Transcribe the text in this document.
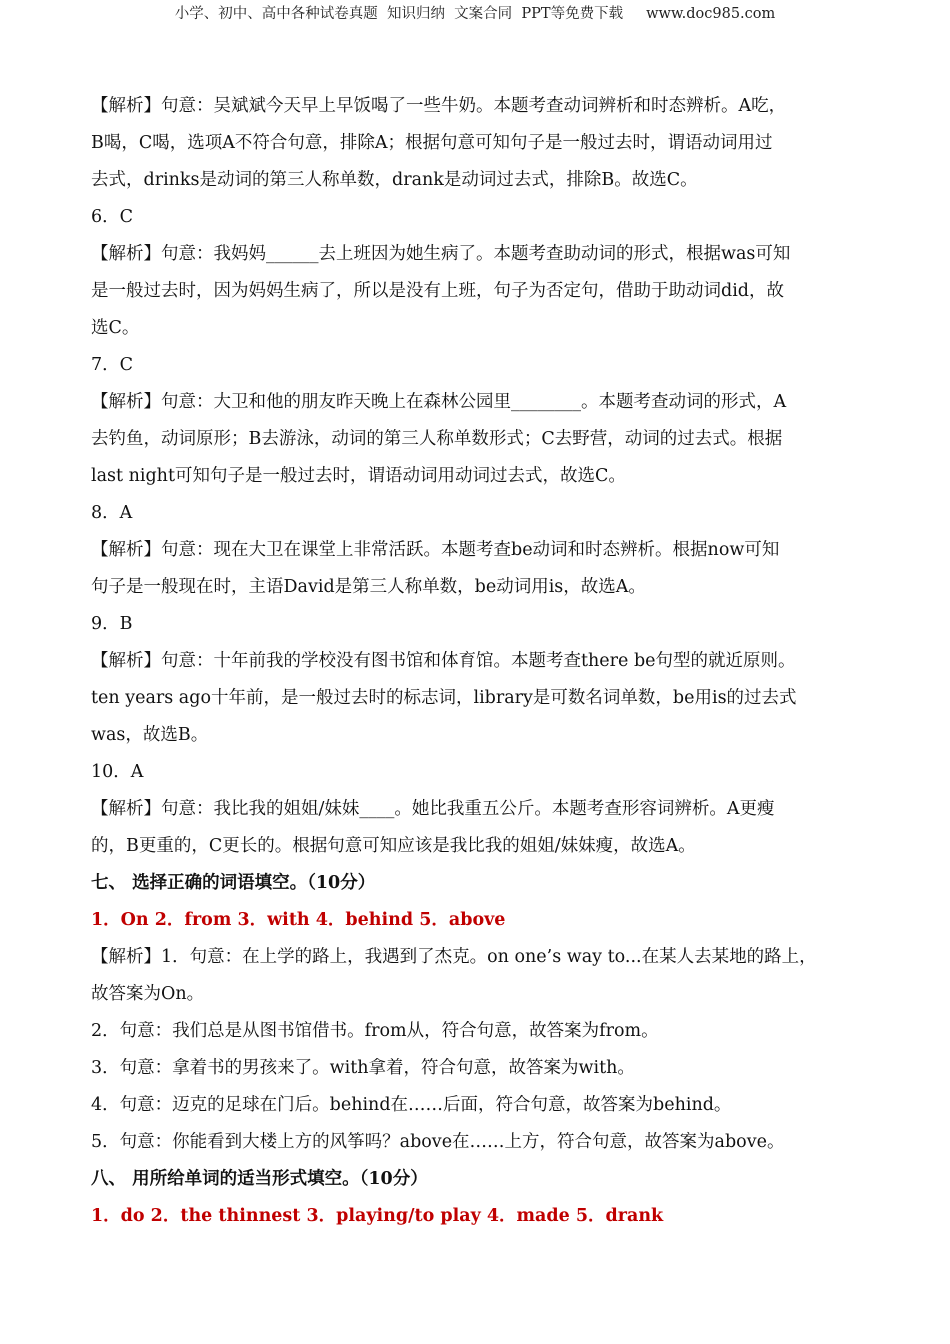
小学、初中、高中各种试卷真题  知识归纳  文案合同  PPT等免费下载     www.doc985.com
【解析】句意：吴斌斌今天早上早饭喝了一些牛奶。本题考查动词辨析和时态辨析。A吃，
B喝，C喝，选项A不符合句意，排除A；根据句意可知句子是一般过去时，谓语动词用过
去式，drinks是动词的第三人称单数，drank是动词过去式，排除B。故选C。
6．C
【解析】句意：我妈妈______去上班因为她生病了。本题考查助动词的形式，根据was可知
是一般过去时，因为妈妈生病了，所以是没有上班，句子为否定句，借助于助动词did，故
选C。
7．C
【解析】句意：大卫和他的朋友昨天晚上在森林公园里________。本题考查动词的形式，A
去钓鱼，动词原形；B去游泳，动词的第三人称单数形式；C去野营，动词的过去式。根据
last night可知句子是一般过去时，谓语动词用动词过去式，故选C。
8．A
【解析】句意：现在大卫在课堂上非常活跃。本题考查be动词和时态辨析。根据now可知
句子是一般现在时，主语David是第三人称单数，be动词用is，故选A。
9．B
【解析】句意：十年前我的学校没有图书馆和体育馆。本题考查there be句型的就近原则。
ten years ago十年前，是一般过去时的标志词，library是可数名词单数，be用is的过去式
was，故选B。
10．A
【解析】句意：我比我的姐姐/妹妹____。她比我重五公斤。本题考查形容词辨析。A更瘦
的，B更重的，C更长的。根据句意可知应该是我比我的姐姐/妹妹瘦，故选A。
七、 选择正确的词语填空。（10分）
1．On 2．from 3．with 4．behind 5．above
【解析】1．句意：在上学的路上，我遇到了杰克。on one’s way to...在某人去某地的路上，
故答案为On。
2．句意：我们总是从图书馆借书。from从，符合句意，故答案为from。
3．句意：拿着书的男孩来了。with拿着，符合句意，故答案为with。
4．句意：迈克的足球在门后。behind在……后面，符合句意，故答案为behind。
5．句意：你能看到大楼上方的风筝吗？above在……上方，符合句意，故答案为above。
八、 用所给单词的适当形式填空。（10分）
1．do 2．the thinnest 3．playing/to play 4．made 5．drank
